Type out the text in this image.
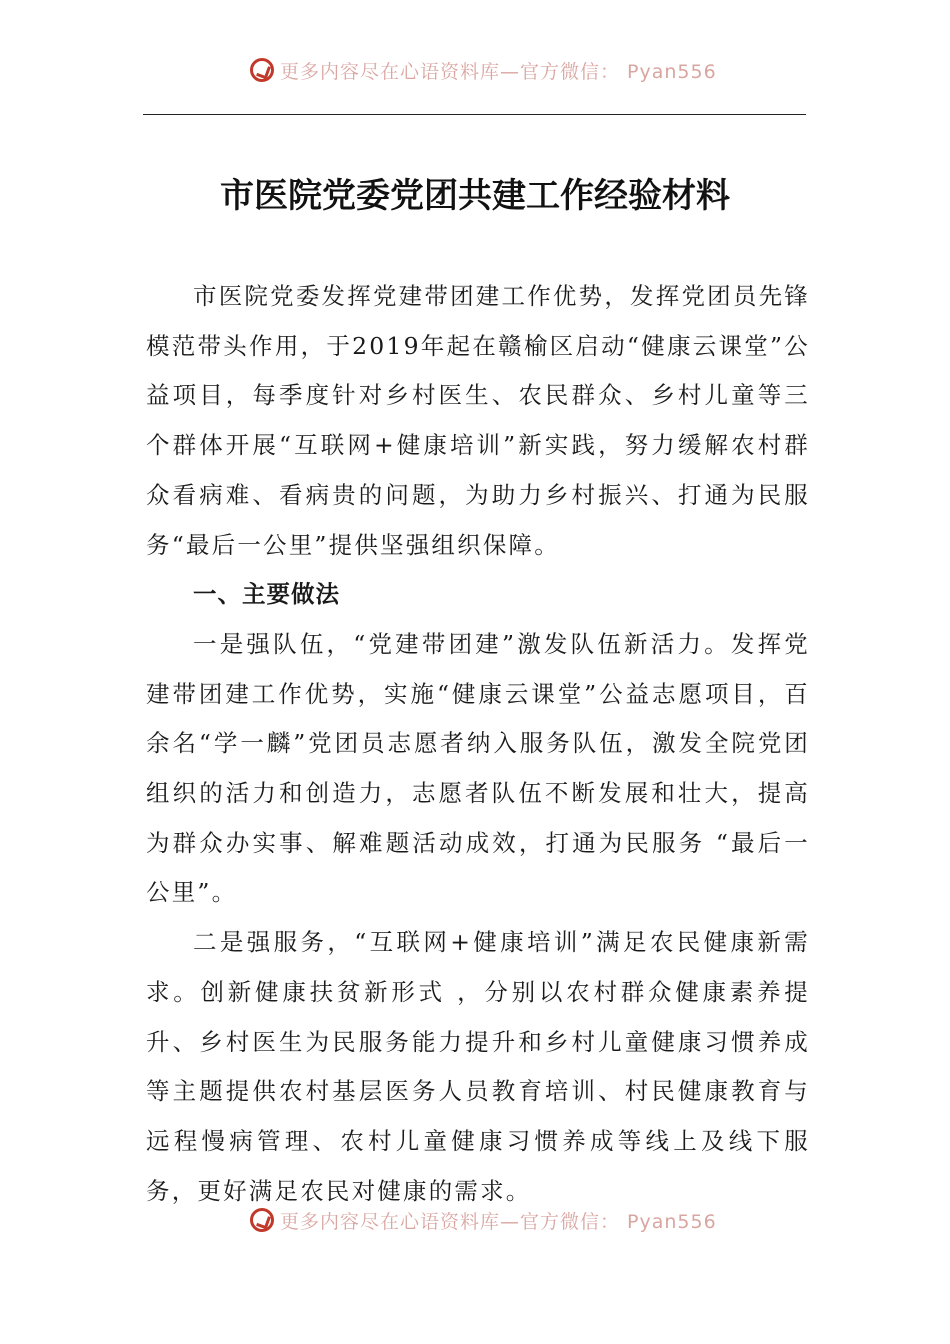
更多内容尽在心语资料库—官方微信： Pyan556
市医院党委党团共建工作经验材料

市医院党委发挥党建带团建工作优势，发挥党团员先锋模范带头作用，于2019年起在赣榆区启动“健康云课堂”公益项目，每季度针对乡村医生、农民群众、乡村儿童等三个群体开展“互联网+健康培训”新实践，努力缓解农村群众看病难、看病贵的问题，为助力乡村振兴、打通为民服务“最后一公里”提供坚强组织保障。

一、主要做法

一是强队伍，“党建带团建”激发队伍新活力。发挥党建带团建工作优势，实施“健康云课堂”公益志愿项目，百余名“学一麟”党团员志愿者纳入服务队伍，激发全院党团组织的活力和创造力，志愿者队伍不断发展和壮大，提高为群众办实事、解难题活动成效，打通为民服务 “最后一公里”。

二是强服务，“互联网+健康培训”满足农民健康新需求。创新健康扶贫新形式 ，分别以农村群众健康素养提升、乡村医生为民服务能力提升和乡村儿童健康习惯养成等主题提供农村基层医务人员教育培训、村民健康教育与远程慢病管理、农村儿童健康习惯养成等线上及线下服务，更好满足农民对健康的需求。

更多内容尽在心语资料库—官方微信： Pyan556
